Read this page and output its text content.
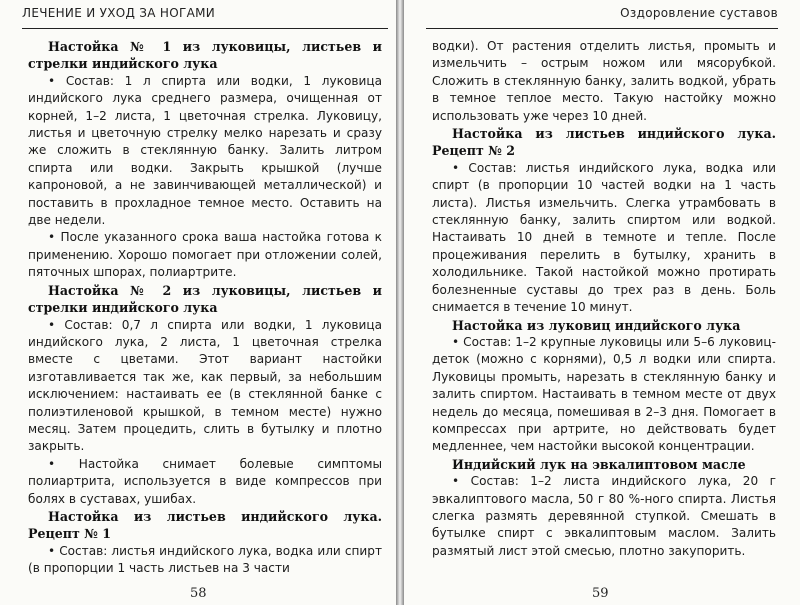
ЛЕЧЕНИЕ И УХОД ЗА НОГАМИ
Настойка № 1 из луковицы, листьев и стрелки индийского лука

• Состав: 1 л спирта или водки, 1 луковица индийского лука среднего размера, очищенная от корней, 1–2 листа, 1 цветочная стрелка. Луковицу, листья и цветочную стрелку мелко нарезать и сразу же сложить в стеклянную банку. Залить литром спирта или водки. Закрыть крышкой (лучше капроновой, а не завинчивающей металлической) и поставить в прохладное темное место. Оставить на две недели.

• После указанного срока ваша настойка готова к применению. Хорошо помогает при отложении солей, пяточных шпорах, полиартрите.

Настойка № 2 из луковицы, листьев и стрелки индийского лука

• Состав: 0,7 л спирта или водки, 1 луковица индийского лука, 2 листа, 1 цветочная стрелка вместе с цветами. Этот вариант настойки изготавливается так же, как первый, за небольшим исключением: настаивать ее (в стеклянной банке с полиэтиленовой крышкой, в темном месте) нужно месяц. Затем процедить, слить в бутылку и плотно закрыть.

• Настойка снимает болевые симптомы полиартрита, используется в виде компрессов при болях в суставах, ушибах.

Настойка из листьев индийского лука. Рецепт № 1

• Состав: листья индийского лука, водка или спирт (в пропорции 1 часть листьев на 3 части

58
Оздоровление суставов

водки). От растения отделить листья, промыть и измельчить – острым ножом или мясорубкой. Сложить в стеклянную банку, залить водкой, убрать в темное теплое место. Такую настойку можно использовать уже через 10 дней.

Настойка из листьев индийского лука. Рецепт № 2

• Состав: листья индийского лука, водка или спирт (в пропорции 10 частей водки на 1 часть листа). Листья измельчить. Слегка утрамбовать в стеклянную банку, залить спиртом или водкой. Настаивать 10 дней в темноте и тепле. После процеживания перелить в бутылку, хранить в холодильнике. Такой настойкой можно протирать болезненные суставы до трех раз в день. Боль снимается в течение 10 минут.

Настойка из луковиц индийского лука

• Состав: 1–2 крупные луковицы или 5–6 луковиц-деток (можно с корнями), 0,5 л водки или спирта. Луковицы промыть, нарезать в стеклянную банку и залить спиртом. Настаивать в темном месте от двух недель до месяца, помешивая в 2–3 дня. Помогает в компрессах при артрите, но действовать будет медленнее, чем настойки высокой концентрации.

Индийский лук на эвкалиптовом масле

• Состав: 1–2 листа индийского лука, 20 г эвкалиптового масла, 50 г 80 %-ного спирта. Листья слегка размять деревянной ступкой. Смешать в бутылке спирт с эвкалиптовым маслом. Залить размятый лист этой смесью, плотно закупорить.

59
